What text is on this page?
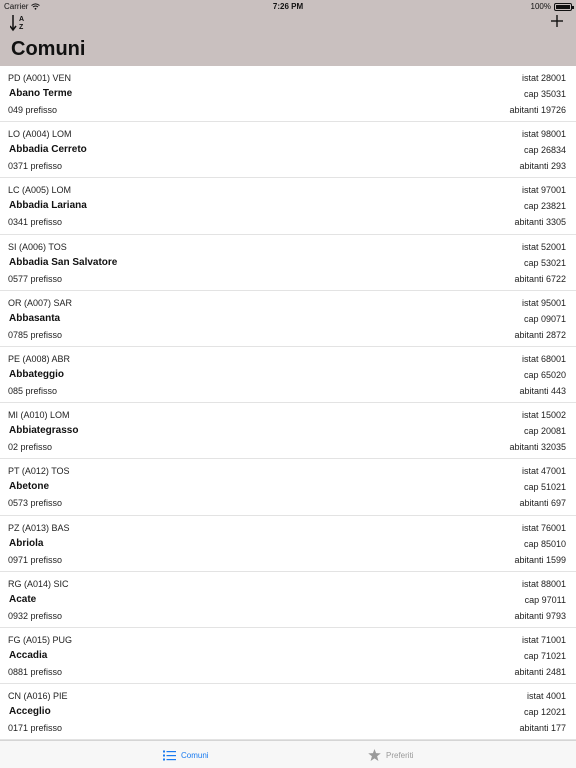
Carrier	7:26 PM	100%
A
Z
Comuni
PD (A001) VEN	istat 28001
Abano Terme	cap 35031
049 prefisso	abitanti 19726
LO (A004) LOM	istat 98001
Abbadia Cerreto	cap 26834
0371 prefisso	abitanti 293
LC (A005) LOM	istat 97001
Abbadia Lariana	cap 23821
0341 prefisso	abitanti 3305
SI (A006) TOS	istat 52001
Abbadia San Salvatore	cap 53021
0577 prefisso	abitanti 6722
OR (A007) SAR	istat 95001
Abbasanta	cap 09071
0785 prefisso	abitanti 2872
PE (A008) ABR	istat 68001
Abbateggio	cap 65020
085 prefisso	abitanti 443
MI (A010) LOM	istat 15002
Abbiategrasso	cap 20081
02 prefisso	abitanti 32035
PT (A012) TOS	istat 47001
Abetone	cap 51021
0573 prefisso	abitanti 697
PZ (A013) BAS	istat 76001
Abriola	cap 85010
0971 prefisso	abitanti 1599
RG (A014) SIC	istat 88001
Acate	cap 97011
0932 prefisso	abitanti 9793
FG (A015) PUG	istat 71001
Accadia	cap 71021
0881 prefisso	abitanti 2481
CN (A016) PIE	istat 4001
Acceglio	cap 12021
0171 prefisso	abitanti 177
Comuni	Preferiti
